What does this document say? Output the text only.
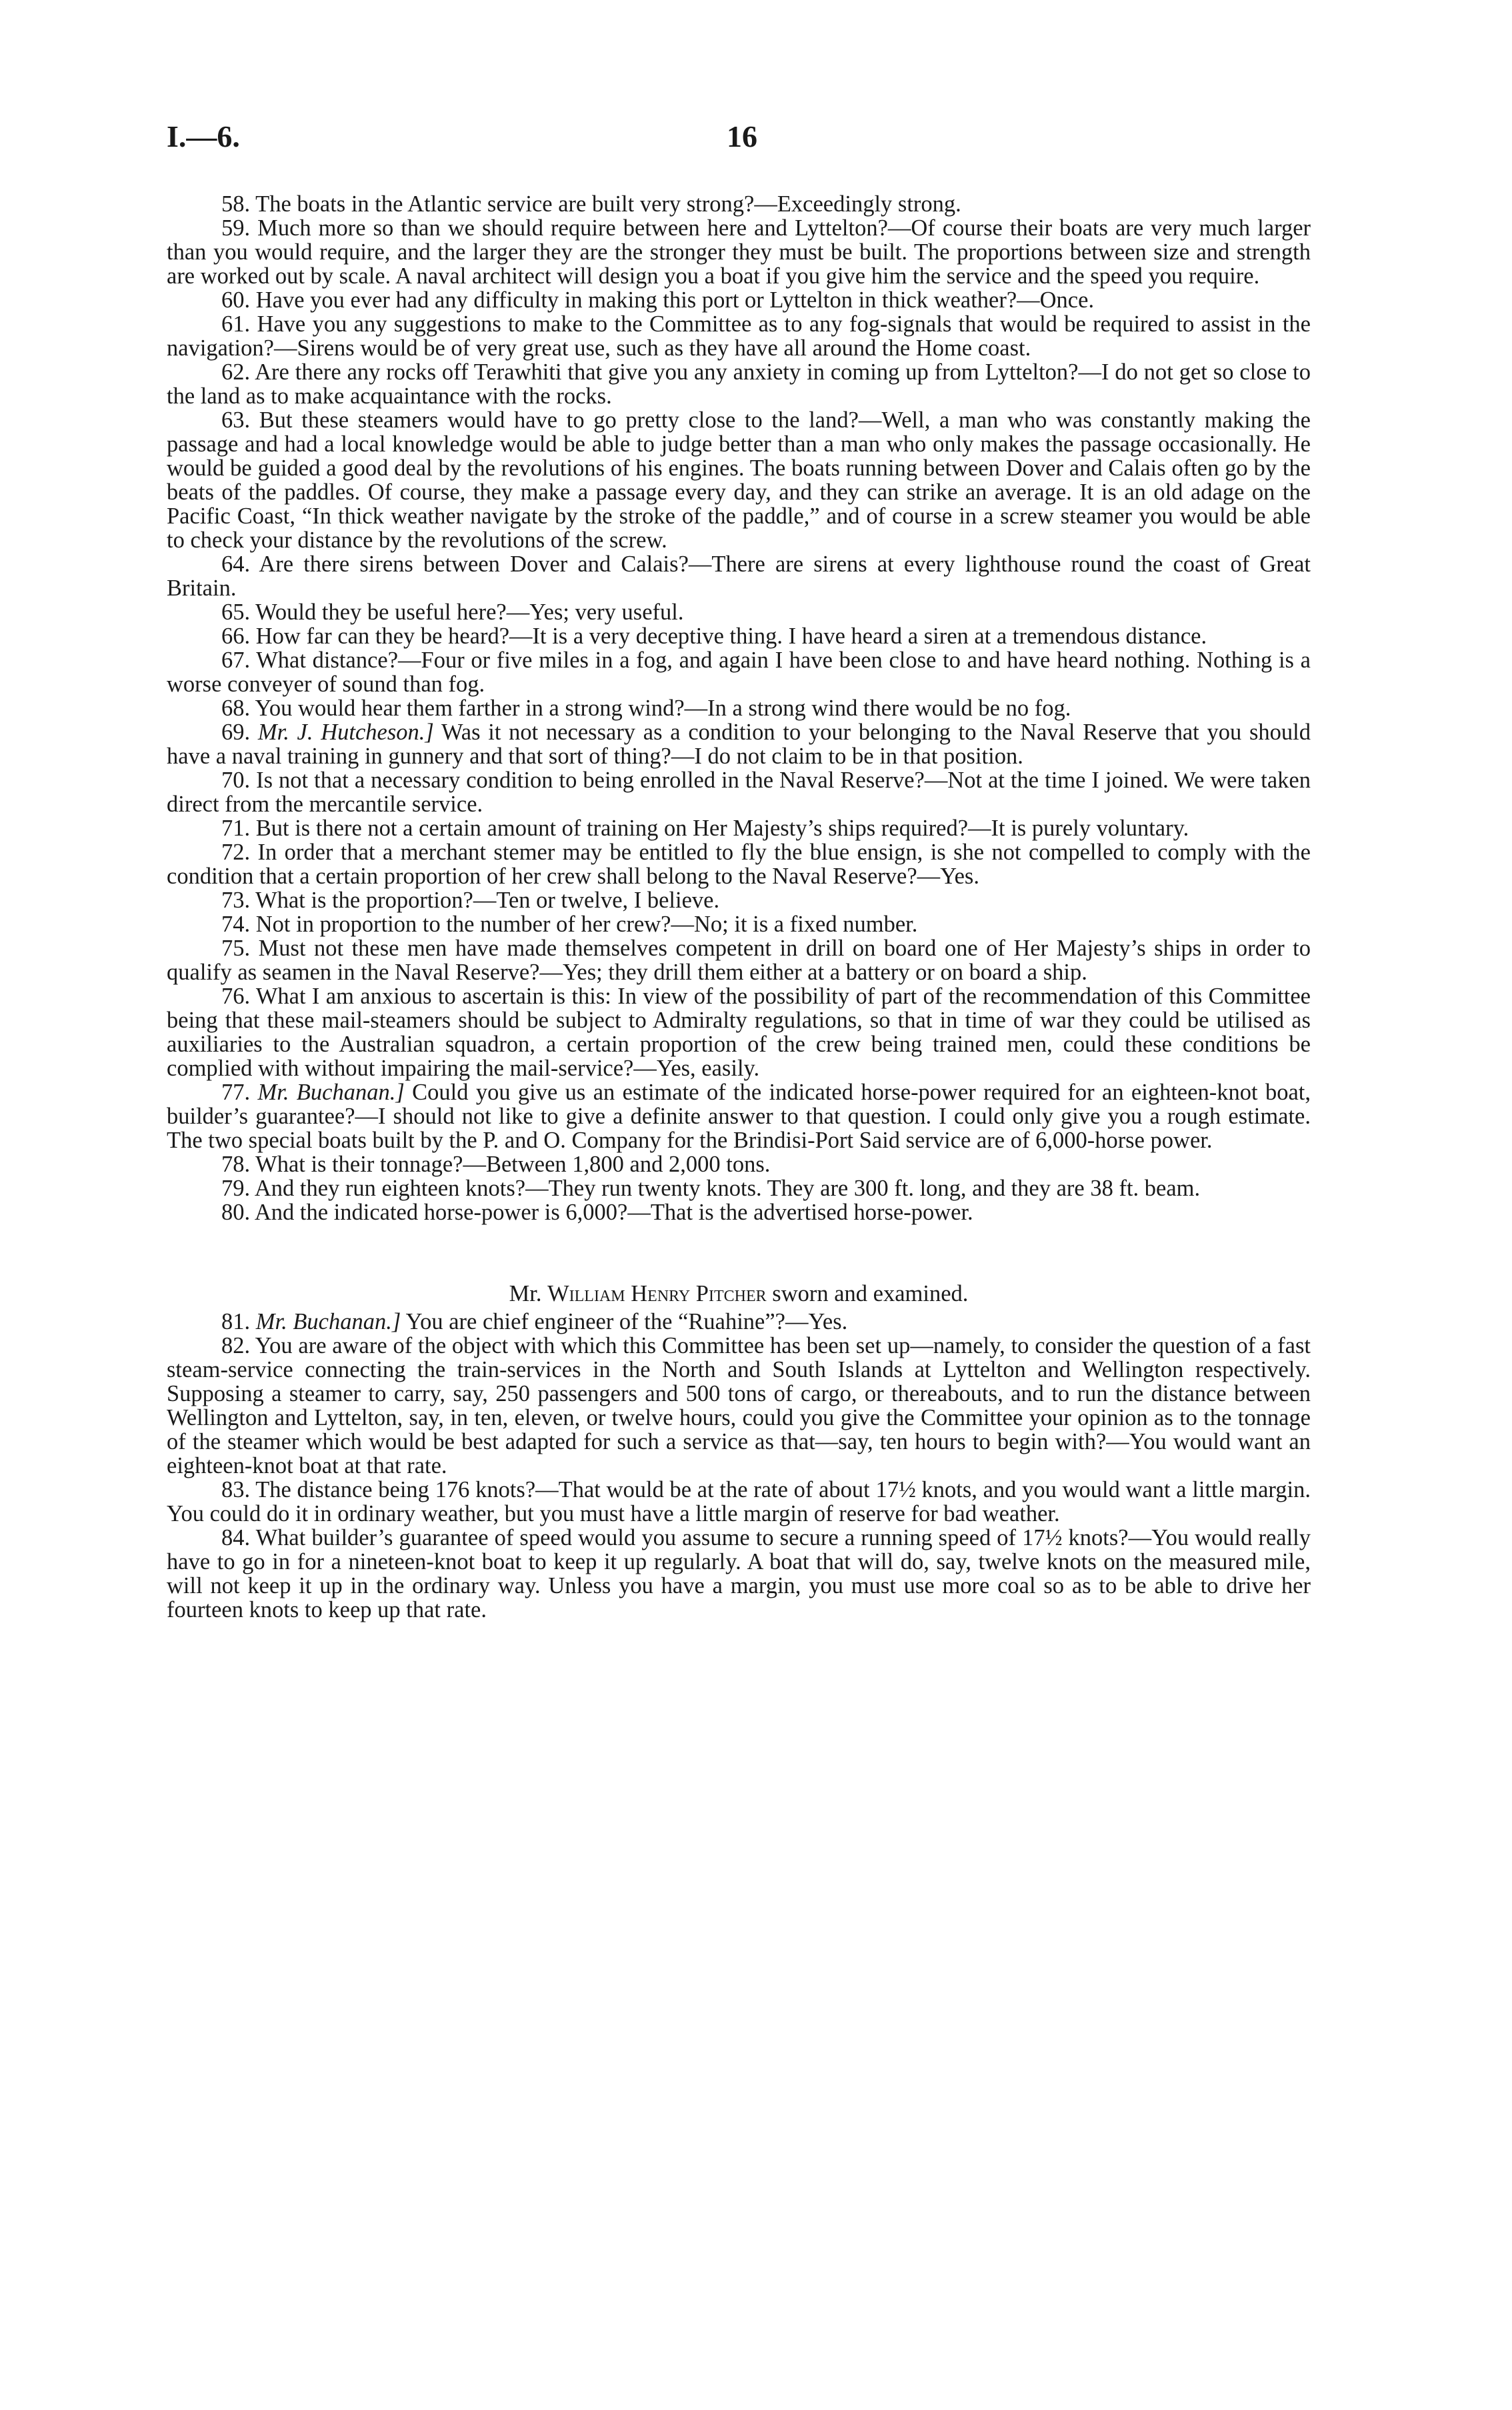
I.—6.	16

58. The boats in the Atlantic service are built very strong?—Exceedingly strong.

59. Much more so than we should require between here and Lyttelton?—Of course their boats are very much larger than you would require, and the larger they are the stronger they must be built. The proportions between size and strength are worked out by scale. A naval architect will design you a boat if you give him the service and the speed you require.

60. Have you ever had any difficulty in making this port or Lyttelton in thick weather?—Once.

61. Have you any suggestions to make to the Committee as to any fog-signals that would be required to assist in the navigation?—Sirens would be of very great use, such as they have all around the Home coast.

62. Are there any rocks off Terawhiti that give you any anxiety in coming up from Lyttelton?—I do not get so close to the land as to make acquaintance with the rocks.

63. But these steamers would have to go pretty close to the land?—Well, a man who was constantly making the passage and had a local knowledge would be able to judge better than a man who only makes the passage occasionally. He would be guided a good deal by the revolutions of his engines. The boats running between Dover and Calais often go by the beats of the paddles. Of course, they make a passage every day, and they can strike an average. It is an old adage on the Pacific Coast, “In thick weather navigate by the stroke of the paddle,” and of course in a screw steamer you would be able to check your distance by the revolutions of the screw.

64. Are there sirens between Dover and Calais?—There are sirens at every lighthouse round the coast of Great Britain.

65. Would they be useful here?—Yes; very useful.

66. How far can they be heard?—It is a very deceptive thing. I have heard a siren at a tremendous distance.

67. What distance?—Four or five miles in a fog, and again I have been close to and have heard nothing. Nothing is a worse conveyer of sound than fog.

68. You would hear them farther in a strong wind?—In a strong wind there would be no fog.

69. Mr. J. Hutcheson.] Was it not necessary as a condition to your belonging to the Naval Reserve that you should have a naval training in gunnery and that sort of thing?—I do not claim to be in that position.

70. Is not that a necessary condition to being enrolled in the Naval Reserve?—Not at the time I joined. We were taken direct from the mercantile service.

71. But is there not a certain amount of training on Her Majesty’s ships required?—It is purely voluntary.

72. In order that a merchant stemer may be entitled to fly the blue ensign, is she not compelled to comply with the condition that a certain proportion of her crew shall belong to the Naval Reserve?—Yes.

73. What is the proportion?—Ten or twelve, I believe.

74. Not in proportion to the number of her crew?—No; it is a fixed number.

75. Must not these men have made themselves competent in drill on board one of Her Majesty’s ships in order to qualify as seamen in the Naval Reserve?—Yes; they drill them either at a battery or on board a ship.

76. What I am anxious to ascertain is this: In view of the possibility of part of the recommendation of this Committee being that these mail-steamers should be subject to Admiralty regulations, so that in time of war they could be utilised as auxiliaries to the Australian squadron, a certain proportion of the crew being trained men, could these conditions be complied with without impairing the mail-service?—Yes, easily.

77. Mr. Buchanan.] Could you give us an estimate of the indicated horse-power required for an eighteen-knot boat, builder’s guarantee?—I should not like to give a definite answer to that question. I could only give you a rough estimate. The two special boats built by the P. and O. Company for the Brindisi-Port Said service are of 6,000-horse power.

78. What is their tonnage?—Between 1,800 and 2,000 tons.

79. And they run eighteen knots?—They run twenty knots. They are 300 ft. long, and they are 38 ft. beam.

80. And the indicated horse-power is 6,000?—That is the advertised horse-power.

Mr. William Henry Pitcher sworn and examined.

81. Mr. Buchanan.] You are chief engineer of the “Ruahine”?—Yes.

82. You are aware of the object with which this Committee has been set up—namely, to consider the question of a fast steam-service connecting the train-services in the North and South Islands at Lyttelton and Wellington respectively. Supposing a steamer to carry, say, 250 passengers and 500 tons of cargo, or thereabouts, and to run the distance between Wellington and Lyttelton, say, in ten, eleven, or twelve hours, could you give the Committee your opinion as to the tonnage of the steamer which would be best adapted for such a service as that—say, ten hours to begin with?—You would want an eighteen-knot boat at that rate.

83. The distance being 176 knots?—That would be at the rate of about 17½ knots, and you would want a little margin. You could do it in ordinary weather, but you must have a little margin of reserve for bad weather.

84. What builder’s guarantee of speed would you assume to secure a running speed of 17½ knots?—You would really have to go in for a nineteen-knot boat to keep it up regularly. A boat that will do, say, twelve knots on the measured mile, will not keep it up in the ordinary way. Unless you have a margin, you must use more coal so as to be able to drive her fourteen knots to keep up that rate.
